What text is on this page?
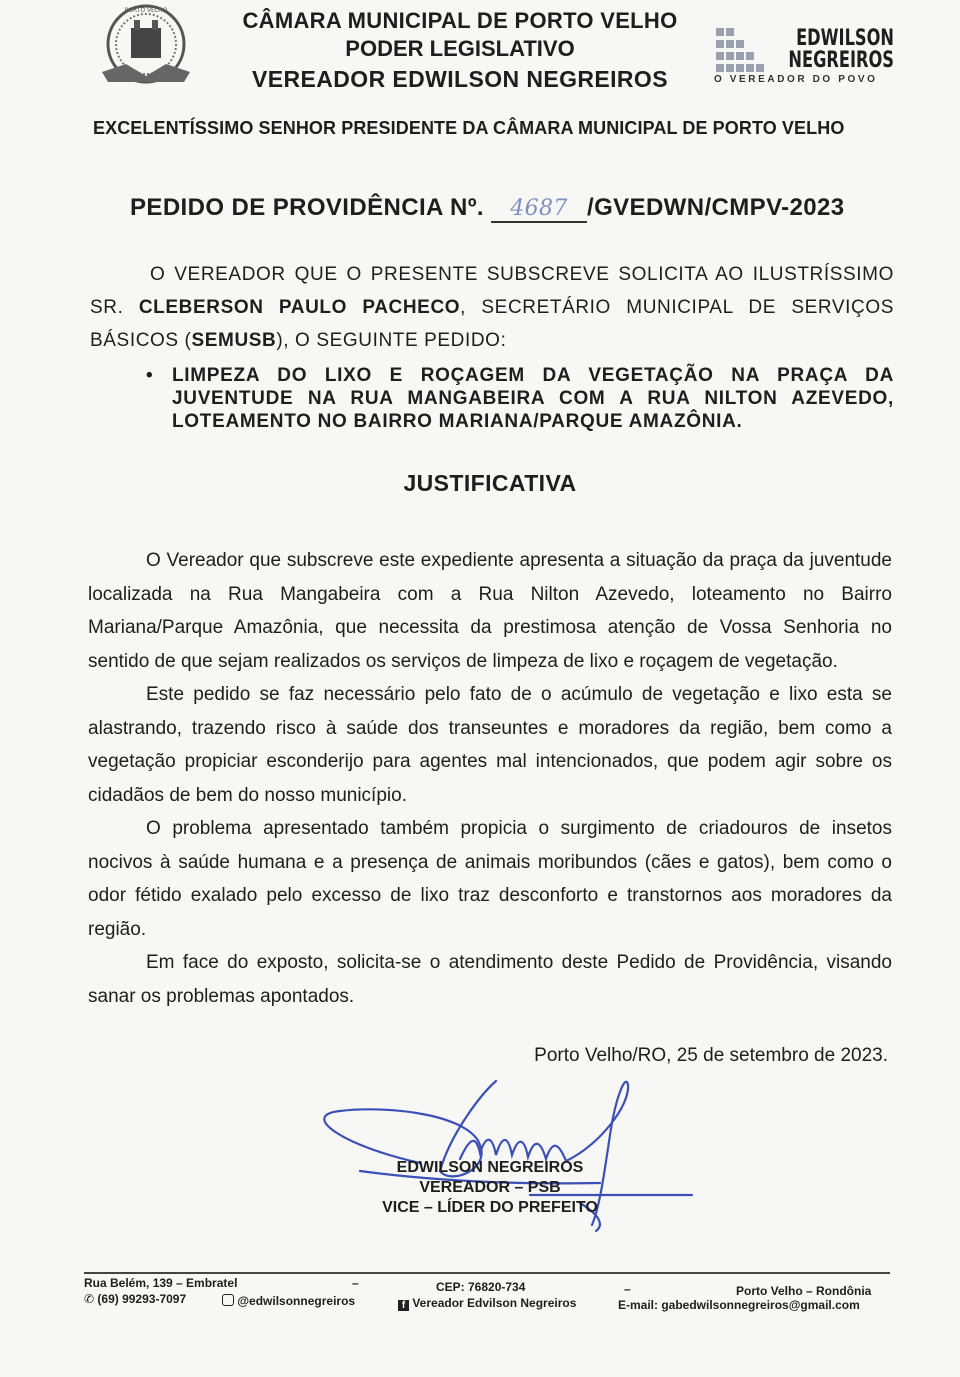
PORTO VELHO	CÂMARA MUNICIPAL DE PORTO VELHO
PODER LEGISLATIVO
VEREADOR EDWILSON NEGREIROS
EDWILSON
NEGREIROS
O VEREADOR DO POVO
EXCELENTÍSSIMO SENHOR PRESIDENTE DA CÂMARA MUNICIPAL DE PORTO VELHO
PEDIDO DE PROVIDÊNCIA Nº. 4687 /GVEDWN/CMPV-2023

O VEREADOR QUE O PRESENTE SUBSCREVE SOLICITA AO ILUSTRÍSSIMO SR. CLEBERSON PAULO PACHECO, SECRETÁRIO MUNICIPAL DE SERVIÇOS BÁSICOS (SEMUSB), O SEGUINTE PEDIDO:

• LIMPEZA DO LIXO E ROÇAGEM DA VEGETAÇÃO NA PRAÇA DA JUVENTUDE NA RUA MANGABEIRA COM A RUA NILTON AZEVEDO, LOTEAMENTO NO BAIRRO MARIANA/PARQUE AMAZÔNIA.
JUSTIFICATIVA

O Vereador que subscreve este expediente apresenta a situação da praça da juventude localizada na Rua Mangabeira com a Rua Nilton Azevedo, loteamento no Bairro Mariana/Parque Amazônia, que necessita da prestimosa atenção de Vossa Senhoria no sentido de que sejam realizados os serviços de limpeza de lixo e roçagem de vegetação.

Este pedido se faz necessário pelo fato de o acúmulo de vegetação e lixo esta se alastrando, trazendo risco à saúde dos transeuntes e moradores da região, bem como a vegetação propiciar esconderijo para agentes mal intencionados, que podem agir sobre os cidadãos de bem do nosso município.

O problema apresentado também propicia o surgimento de criadouros de insetos nocivos à saúde humana e a presença de animais moribundos (cães e gatos), bem como o odor fétido exalado pelo excesso de lixo traz desconforto e transtornos aos moradores da região.

Em face do exposto, solicita-se o atendimento deste Pedido de Providência, visando sanar os problemas apontados.

Porto Velho/RO, 25 de setembro de 2023.
EDWILSON NEGREIROS
VEREADOR – PSB
VICE – LÍDER DO PREFEITO
Rua Belém, 139 – Embratel	–	CEP: 76820-734	–	Porto Velho – Rondônia
✆ (69) 99293-7097	@edwilsonnegreiros	f Vereador Edvilson Negreiros	E-mail: gabedwilsonnegreiros@gmail.com
